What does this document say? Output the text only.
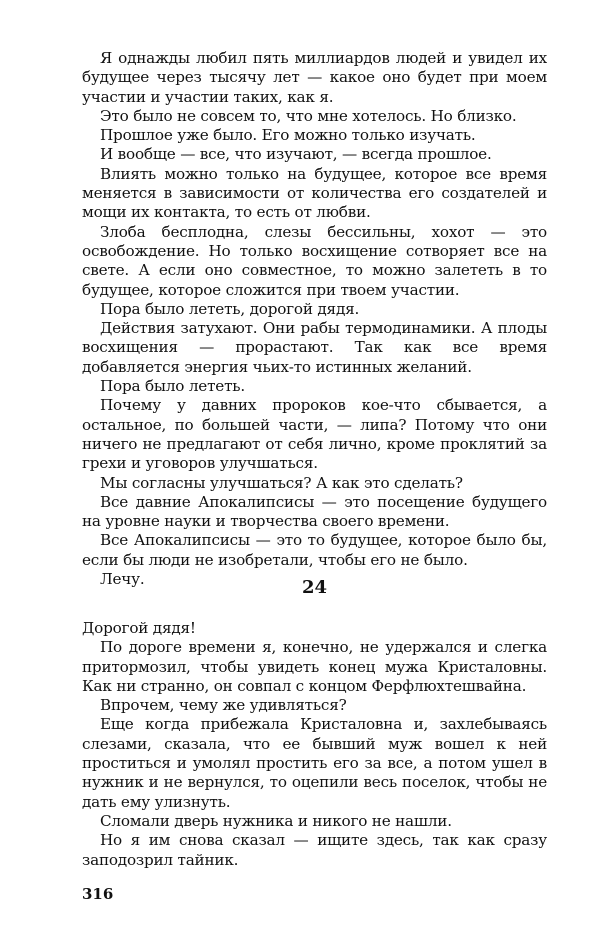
Я однажды любил пять миллиардов людей и увидел их будущее через тысячу лет — какое оно будет при моем участии и участии таких, как я.

Это было не совсем то, что мне хотелось. Но близко.

Прошлое уже было. Его можно только изучать.

И вообще — все, что изучают, — всегда прошлое.

Влиять можно только на будущее, которое все время меняется в зависимости от количества его создателей и мощи их контакта, то есть от любви.

Злоба бесплодна, слезы бессильны, хохот — это освобождение. Но только восхищение сотворяет все на свете. А если оно совместное, то можно залететь в то будущее, которое сложится при твоем участии.

Пора было лететь, дорогой дядя.

Действия затухают. Они рабы термодинамики. А плоды восхищения — прорастают. Так как все время добавляется энергия чьих-то истинных желаний.

Пора было лететь.

Почему у давних пророков кое-что сбывается, а остальное, по большей части, — липа? Потому что они ничего не предлагают от себя лично, кроме проклятий за грехи и уговоров улучшаться.

Мы согласны улучшаться? А как это сделать?

Все давние Апокалипсисы — это посещение будущего на уровне науки и творчества своего времени.

Все Апокалипсисы — это то будущее, которое было бы, если бы люди не изобретали, чтобы его не было.

Лечу.	24

Дорогой дядя!

По дороге времени я, конечно, не удержался и слегка притормозил, чтобы увидеть конец мужа Кристаловны. Как ни странно, он совпал с концом Ферфлюхтешвайна.

Впрочем, чему же удивляться?

Еще когда прибежала Кристаловна и, захлебываясь слезами, сказала, что ее бывший муж вошел к ней проститься и умолял простить его за все, а потом ушел в нужник и не вернулся, то оцепили весь поселок, чтобы не дать ему улизнуть.

Сломали дверь нужника и никого не нашли.

Но я им снова сказал — ищите здесь, так как сразу заподозрил тайник.

316
